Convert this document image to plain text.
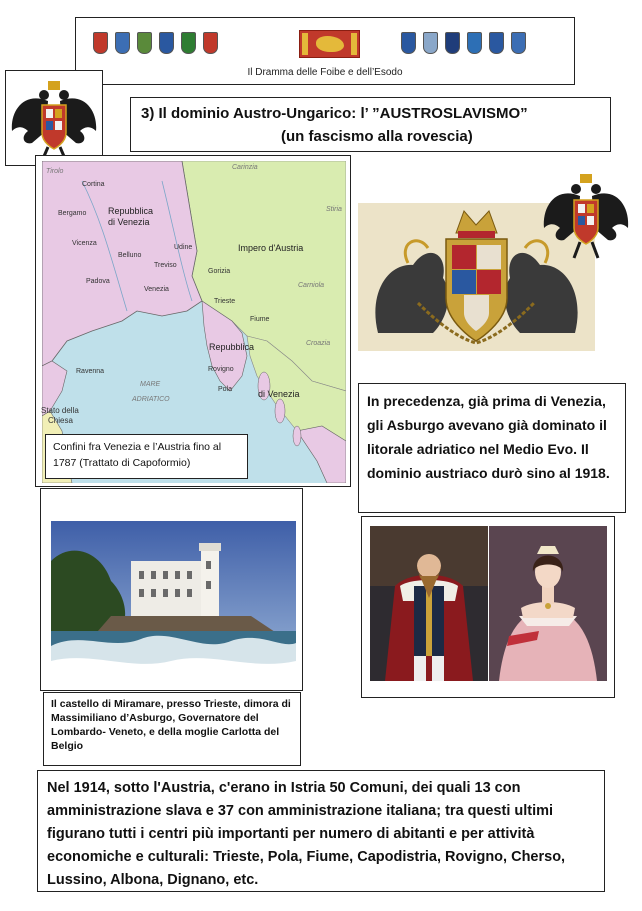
Il Dramma delle Foibe e dell’Esodo
3) Il dominio Austro-Ungarico: l’ ”AUSTROSLAVISMO”
(un fascismo alla rovescia)
Tirolo
Carinzia
Stiria
Carniola
Croazia
Repubblica
di Venezia
Impero d'Austria
Repubblica
di Venezia
MARE
ADRIATICO
Stato della
Chiesa
Cortina
Bergamo
Belluno
Treviso
Vicenza
Padova
Venezia
Udine
Gorizia
Trieste
Fiume
Rovigno
Pola
Ravenna
Confini fra Venezia e l’Austria fino al 1787 (Trattato di Capoformio)
In precedenza, già prima di Venezia, gli Asburgo avevano già dominato il litorale adriatico nel Medio Evo. Il dominio austriaco durò sino al 1918.
Il castello di Miramare, presso Trieste, dimora di Massimiliano d’Asburgo, Governatore del Lombardo- Veneto, e della moglie Carlotta del Belgio
Nel 1914, sotto l'Austria, c'erano in Istria 50 Comuni, dei quali 13 con amministrazione slava e 37 con amministrazione italiana; tra questi ultimi figurano tutti i centri più importanti per numero di abitanti e per attività economiche e culturali: Trieste, Pola, Fiume, Capodistria, Rovigno, Cherso, Lussino, Albona, Dignano, etc.
